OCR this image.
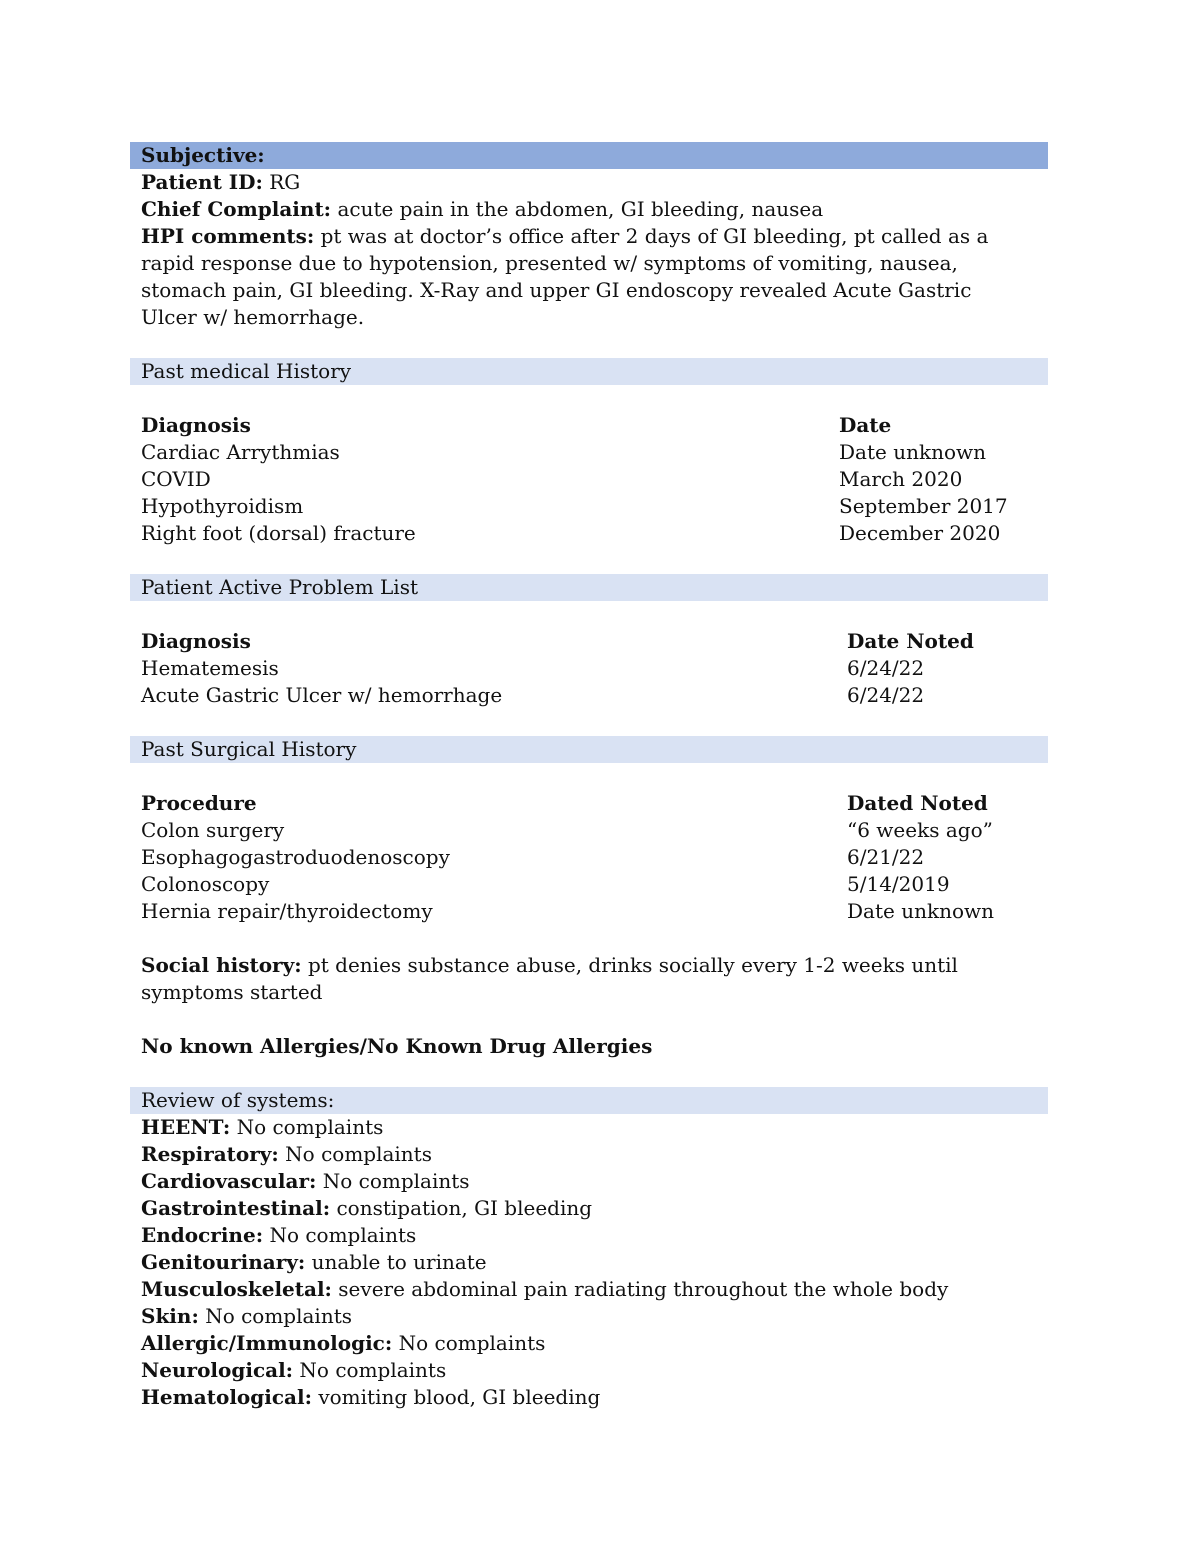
Subjective:
Patient ID: RG
Chief Complaint: acute pain in the abdomen, GI bleeding, nausea
HPI comments: pt was at doctor’s office after 2 days of GI bleeding, pt called as a rapid response due to hypotension, presented w/ symptoms of vomiting, nausea, stomach pain, GI bleeding. X-Ray and upper GI endoscopy revealed Acute Gastric Ulcer w/ hemorrhage.
Past medical History
Diagnosis	Date
Cardiac Arrythmias	Date unknown
COVID	March 2020
Hypothyroidism	September 2017
Right foot (dorsal) fracture	December 2020
Patient Active Problem List
Diagnosis	Date Noted
Hematemesis	6/24/22
Acute Gastric Ulcer w/ hemorrhage	6/24/22
Past Surgical History
Procedure	Dated Noted
Colon surgery	“6 weeks ago”
Esophagogastroduodenoscopy	6/21/22
Colonoscopy	5/14/2019
Hernia repair/thyroidectomy	Date unknown
Social history: pt denies substance abuse, drinks socially every 1-2 weeks until symptoms started
No known Allergies/No Known Drug Allergies
Review of systems:
HEENT: No complaints
Respiratory: No complaints
Cardiovascular: No complaints
Gastrointestinal: constipation, GI bleeding
Endocrine: No complaints
Genitourinary: unable to urinate
Musculoskeletal: severe abdominal pain radiating throughout the whole body
Skin: No complaints
Allergic/Immunologic: No complaints
Neurological: No complaints
Hematological: vomiting blood, GI bleeding
